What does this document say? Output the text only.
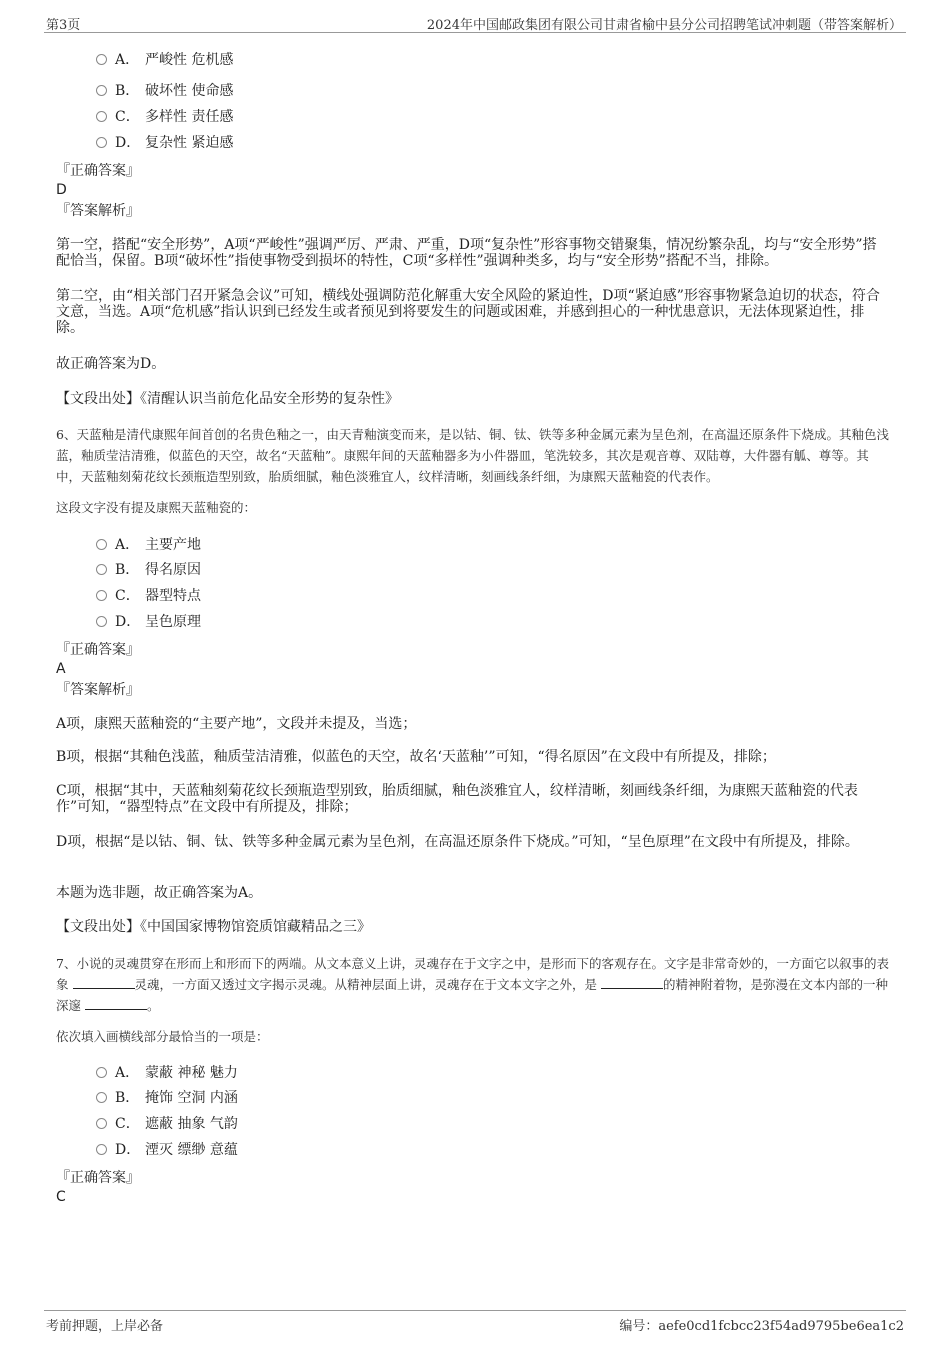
第3页	2024年中国邮政集团有限公司甘肃省榆中县分公司招聘笔试冲刺题（带答案解析）
A． 严峻性 危机感
B． 破坏性 使命感
C． 多样性 责任感
D． 复杂性 紧迫感
『正确答案』
D
『答案解析』
第一空，搭配“安全形势”，A项“严峻性”强调严厉、严肃、严重，D项“复杂性”形容事物交错聚集，情况纷繁杂乱，均与“安全形势”搭配恰当，保留。B项“破坏性”指使事物受到损坏的特性，C项“多样性”强调种类多，均与“安全形势”搭配不当，排除。
第二空，由“相关部门召开紧急会议”可知，横线处强调防范化解重大安全风险的紧迫性，D项“紧迫感”形容事物紧急迫切的状态，符合文意，当选。A项“危机感”指认识到已经发生或者预见到将要发生的问题或困难，并感到担心的一种忧患意识，无法体现紧迫性，排除。
故正确答案为D。
【文段出处】《清醒认识当前危化品安全形势的复杂性》
6、天蓝釉是清代康熙年间首创的名贵色釉之一，由天青釉演变而来，是以钴、铜、钛、铁等多种金属元素为呈色剂，在高温还原条件下烧成。其釉色浅蓝，釉质莹洁清雅，似蓝色的天空，故名“天蓝釉”。康熙年间的天蓝釉器多为小件器皿，笔洗较多，其次是观音尊、双陆尊，大件器有觚、尊等。其中，天蓝釉刻菊花纹长颈瓶造型别致，胎质细腻，釉色淡雅宜人，纹样清晰，刻画线条纤细，为康熙天蓝釉瓷的代表作。
这段文字没有提及康熙天蓝釉瓷的：
A． 主要产地
B． 得名原因
C． 器型特点
D． 呈色原理
『正确答案』
A
『答案解析』
A项，康熙天蓝釉瓷的“主要产地”，文段并未提及，当选；
B项，根据“其釉色浅蓝，釉质莹洁清雅，似蓝色的天空，故名‘天蓝釉’”可知，“得名原因”在文段中有所提及，排除；
C项，根据“其中，天蓝釉刻菊花纹长颈瓶造型别致，胎质细腻，釉色淡雅宜人，纹样清晰，刻画线条纤细，为康熙天蓝釉瓷的代表作”可知，“器型特点”在文段中有所提及，排除；
D项，根据“是以钴、铜、钛、铁等多种金属元素为呈色剂，在高温还原条件下烧成。”可知，“呈色原理”在文段中有所提及，排除。
本题为选非题，故正确答案为A。
【文段出处】《中国国家博物馆瓷质馆藏精品之三》
7、小说的灵魂贯穿在形而上和形而下的两端。从文本意义上讲，灵魂存在于文字之中，是形而下的客观存在。文字是非常奇妙的，一方面它以叙事的表象	灵魂，一方面又透过文字揭示灵魂。从精神层面上讲，灵魂存在于文本文字之外，是	的精神附着物，是弥漫在文本内部的一种深邃	。
依次填入画横线部分最恰当的一项是：
A． 蒙蔽 神秘 魅力
B． 掩饰 空洞 内涵
C． 遮蔽 抽象 气韵
D． 湮灭 缥缈 意蕴
『正确答案』
C
考前押题，上岸必备	编号：aefe0cd1fcbcc23f54ad9795be6ea1c2
